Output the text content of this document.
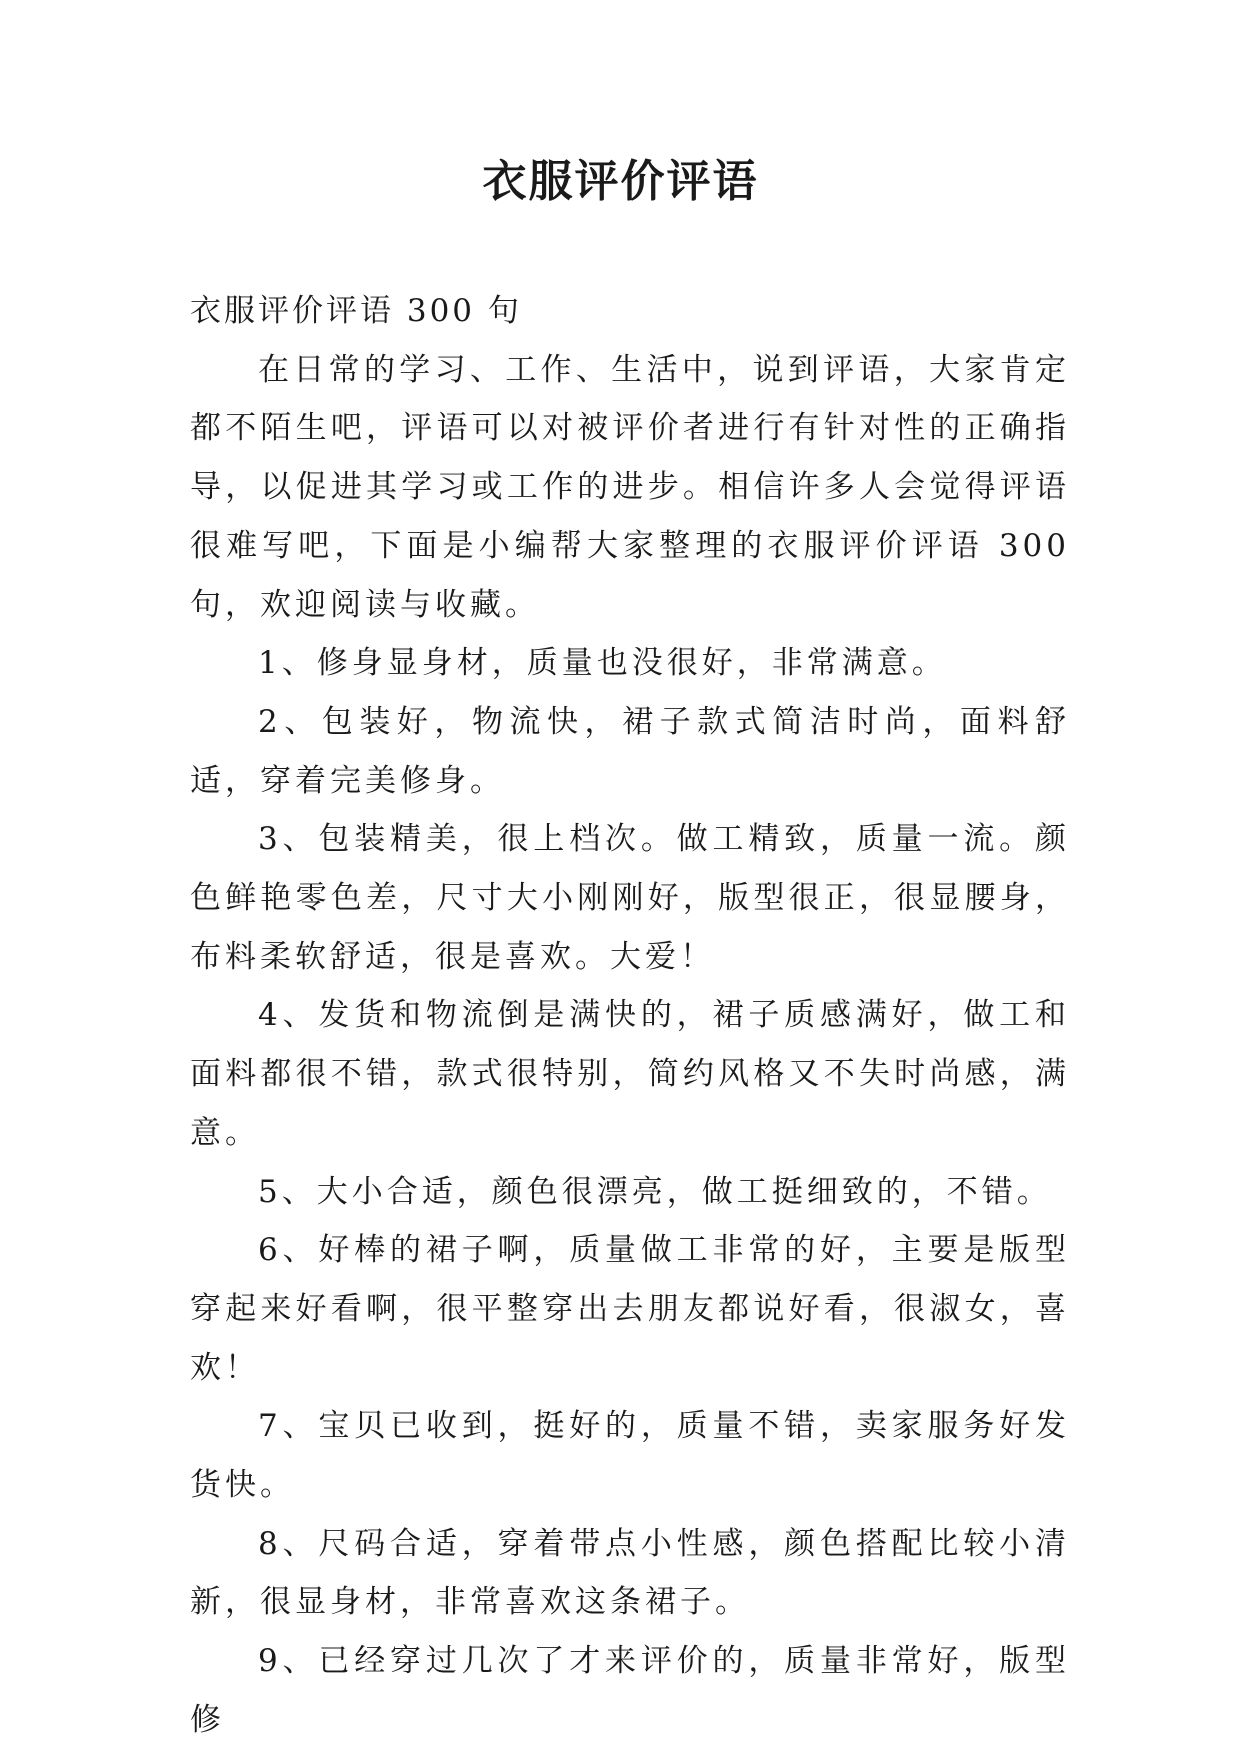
衣服评价评语

衣服评价评语 300 句

在日常的学习、工作、生活中，说到评语，大家肯定都不陌生吧，评语可以对被评价者进行有针对性的正确指导，以促进其学习或工作的进步。相信许多人会觉得评语很难写吧，下面是小编帮大家整理的衣服评价评语 300 句，欢迎阅读与收藏。

1、修身显身材，质量也没很好，非常满意。

2、包装好，物流快，裙子款式简洁时尚，面料舒适，穿着完美修身。

3、包装精美，很上档次。做工精致，质量一流。颜色鲜艳零色差，尺寸大小刚刚好，版型很正，很显腰身，布料柔软舒适，很是喜欢。大爱！

4、发货和物流倒是满快的，裙子质感满好，做工和面料都很不错，款式很特别，简约风格又不失时尚感，满意。

5、大小合适，颜色很漂亮，做工挺细致的，不错。

6、好棒的裙子啊，质量做工非常的好，主要是版型穿起来好看啊，很平整穿出去朋友都说好看，很淑女，喜欢！

7、宝贝已收到，挺好的，质量不错，卖家服务好发货快。

8、尺码合适，穿着带点小性感，颜色搭配比较小清新，很显身材，非常喜欢这条裙子。

9、已经穿过几次了才来评价的，质量非常好，版型修
